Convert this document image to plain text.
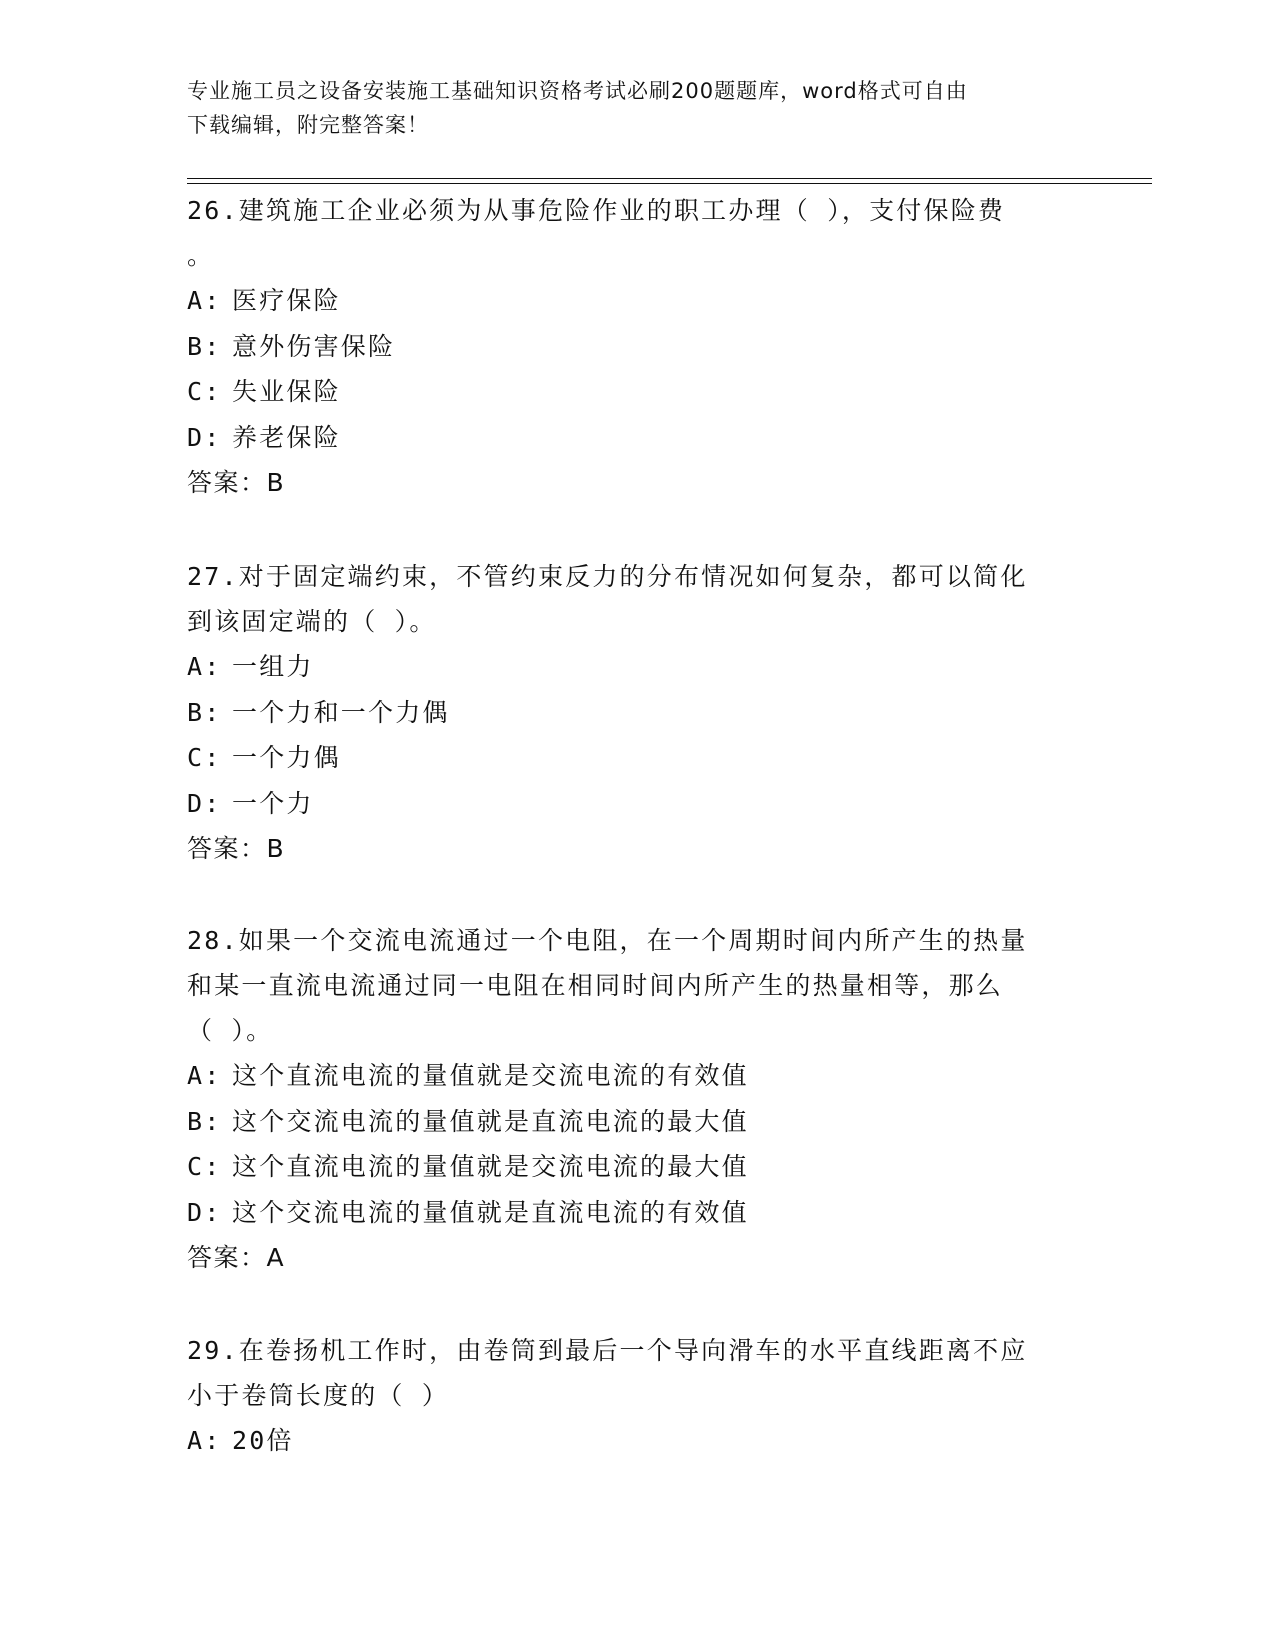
专业施工员之设备安装施工基础知识资格考试必刷200题题库，word格式可自由
下载编辑，附完整答案！
26.建筑施工企业必须为从事危险作业的职工办理（ ），支付保险费
。
A: 医疗保险
B: 意外伤害保险
C: 失业保险
D: 养老保险
答案：B
27.对于固定端约束，不管约束反力的分布情况如何复杂，都可以简化
到该固定端的（ ）。
A: 一组力
B: 一个力和一个力偶
C: 一个力偶
D: 一个力
答案：B
28.如果一个交流电流通过一个电阻，在一个周期时间内所产生的热量
和某一直流电流通过同一电阻在相同时间内所产生的热量相等，那么
（ ）。
A: 这个直流电流的量值就是交流电流的有效值
B: 这个交流电流的量值就是直流电流的最大值
C: 这个直流电流的量值就是交流电流的最大值
D: 这个交流电流的量值就是直流电流的有效值
答案：A
29.在卷扬机工作时，由卷筒到最后一个导向滑车的水平直线距离不应
小于卷筒长度的（ ）
A: 20倍
